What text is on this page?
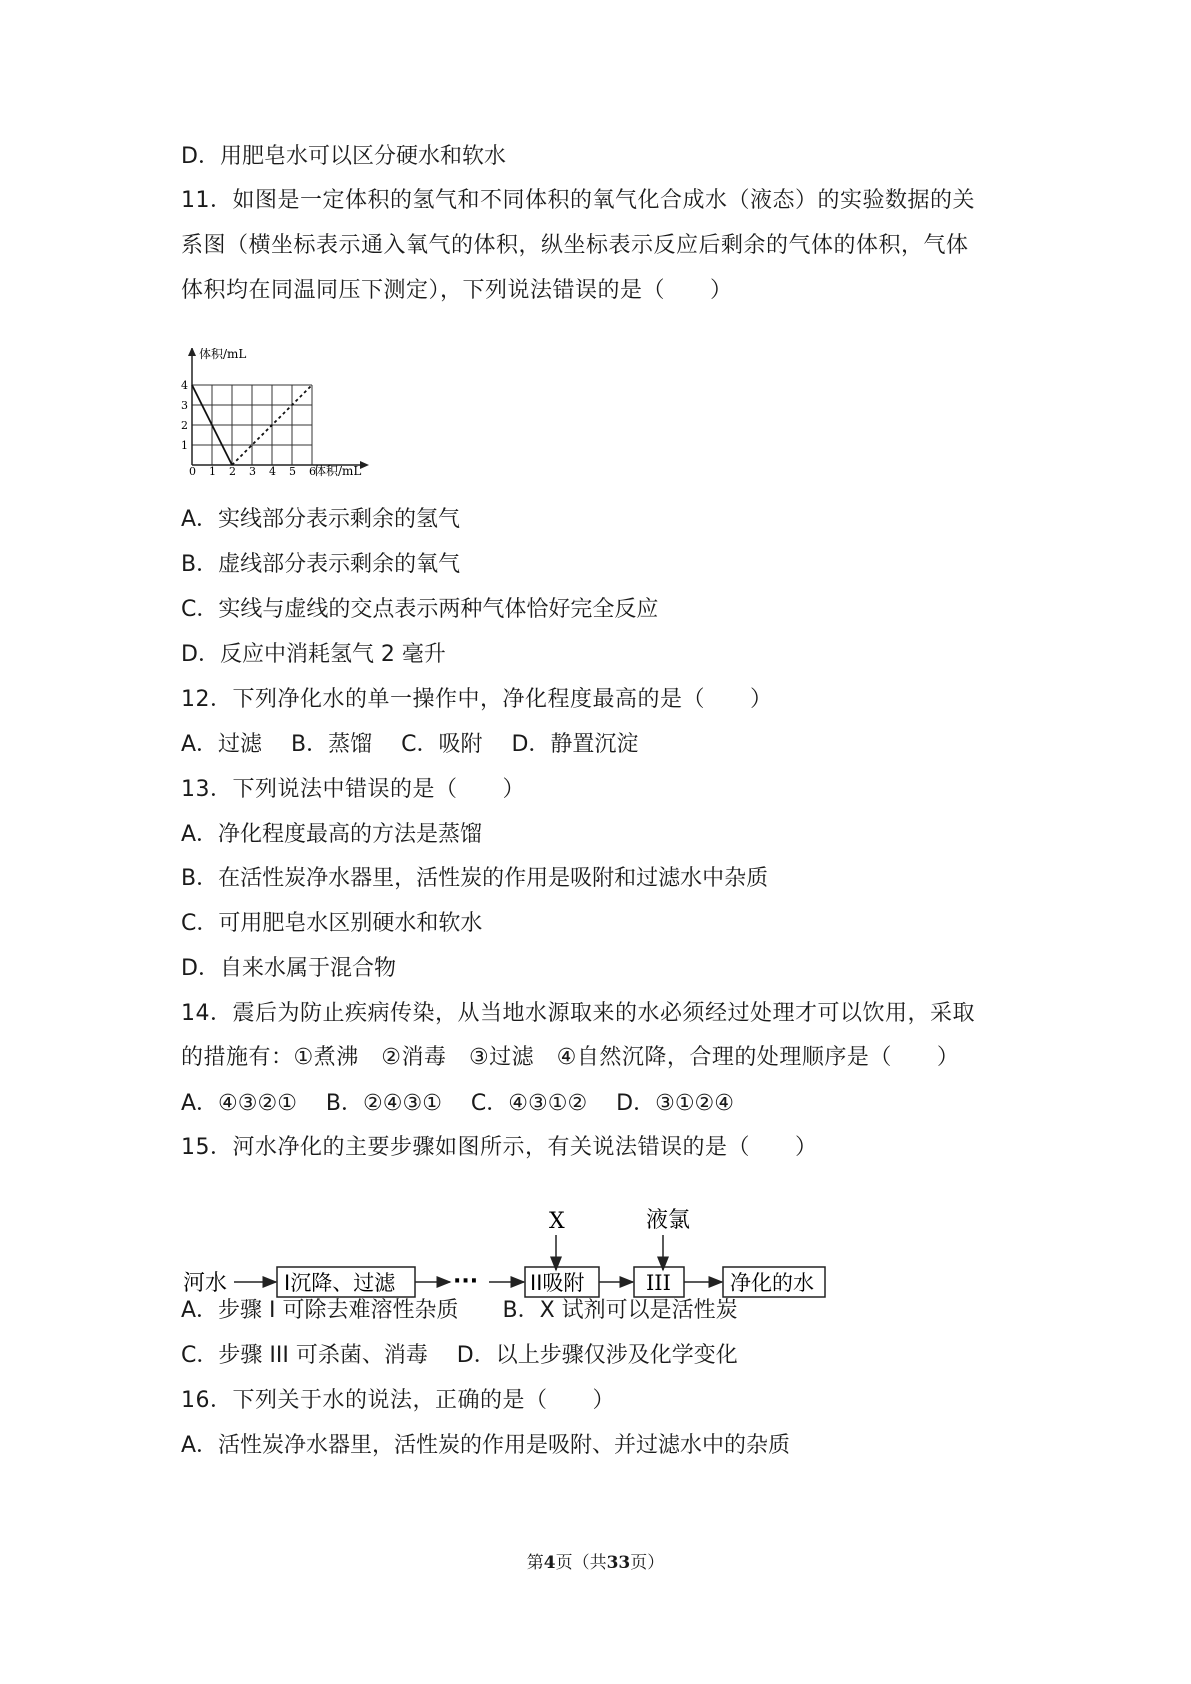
D．用肥皂水可以区分硬水和软水
11．如图是一定体积的氢气和不同体积的氧气化合成水（液态）的实验数据的关
系图（横坐标表示通入氧气的体积，纵坐标表示反应后剩余的气体的体积，气体
体积均在同温同压下测定），下列说法错误的是（　　）
0 1 2 3 4 5 6
1
2
3
4
体积/mL
体积/mL
A．实线部分表示剩余的氢气
B．虚线部分表示剩余的氧气
C．实线与虚线的交点表示两种气体恰好完全反应
D．反应中消耗氢气 2 毫升
12．下列净化水的单一操作中，净化程度最高的是（　　）
A．过滤　 B．蒸馏　 C．吸附　 D．静置沉淀
13．下列说法中错误的是（　　）
A．净化程度最高的方法是蒸馏
B．在活性炭净水器里，活性炭的作用是吸附和过滤水中杂质
C．可用肥皂水区别硬水和软水
D．自来水属于混合物
14．震后为防止疾病传染，从当地水源取来的水必须经过处理才可以饮用，采取
的措施有：①煮沸　②消毒　③过滤　④自然沉降，合理的处理顺序是（　　）
A．④③②①　 B．②④③①　 C．④③①②　 D．③①②④
15．河水净化的主要步骤如图所示，有关说法错误的是（　　）
X	液氯
河水	I沉降、过滤	··· II吸附	III	净化的水
A．步骤 I 可除去难溶性杂质　　B．X 试剂可以是活性炭
C．步骤 III 可杀菌、消毒　 D．以上步骤仅涉及化学变化
16．下列关于水的说法，正确的是（　　）
A．活性炭净水器里，活性炭的作用是吸附、并过滤水中的杂质
第4页（共33页）
